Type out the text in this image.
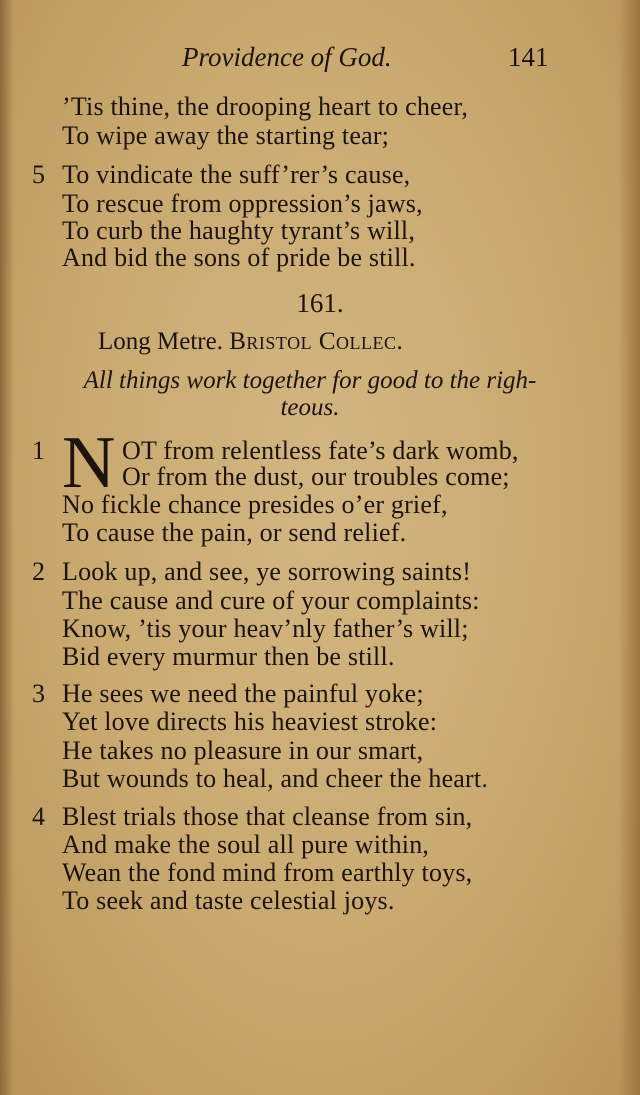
Providence of God.	141
’Tis thine, the drooping heart to cheer,
To wipe away the starting tear;
5 To vindicate the suff’rer’s cause,
To rescue from oppression’s jaws,
To curb the haughty tyrant’s will,
And bid the sons of pride be still.
161.
Long Metre. Bristol Collec.
All things work together for good to the righ-
teous.
1 N OT from relentless fate’s dark womb,
Or from the dust, our troubles come;
No fickle chance presides o’er grief,
To cause the pain, or send relief.
2 Look up, and see, ye sorrowing saints!
The cause and cure of your complaints:
Know, ’tis your heav’nly father’s will;
Bid every murmur then be still.
3 He sees we need the painful yoke;
Yet love directs his heaviest stroke:
He takes no pleasure in our smart,
But wounds to heal, and cheer the heart.
4 Blest trials those that cleanse from sin,
And make the soul all pure within,
Wean the fond mind from earthly toys,
To seek and taste celestial joys.
